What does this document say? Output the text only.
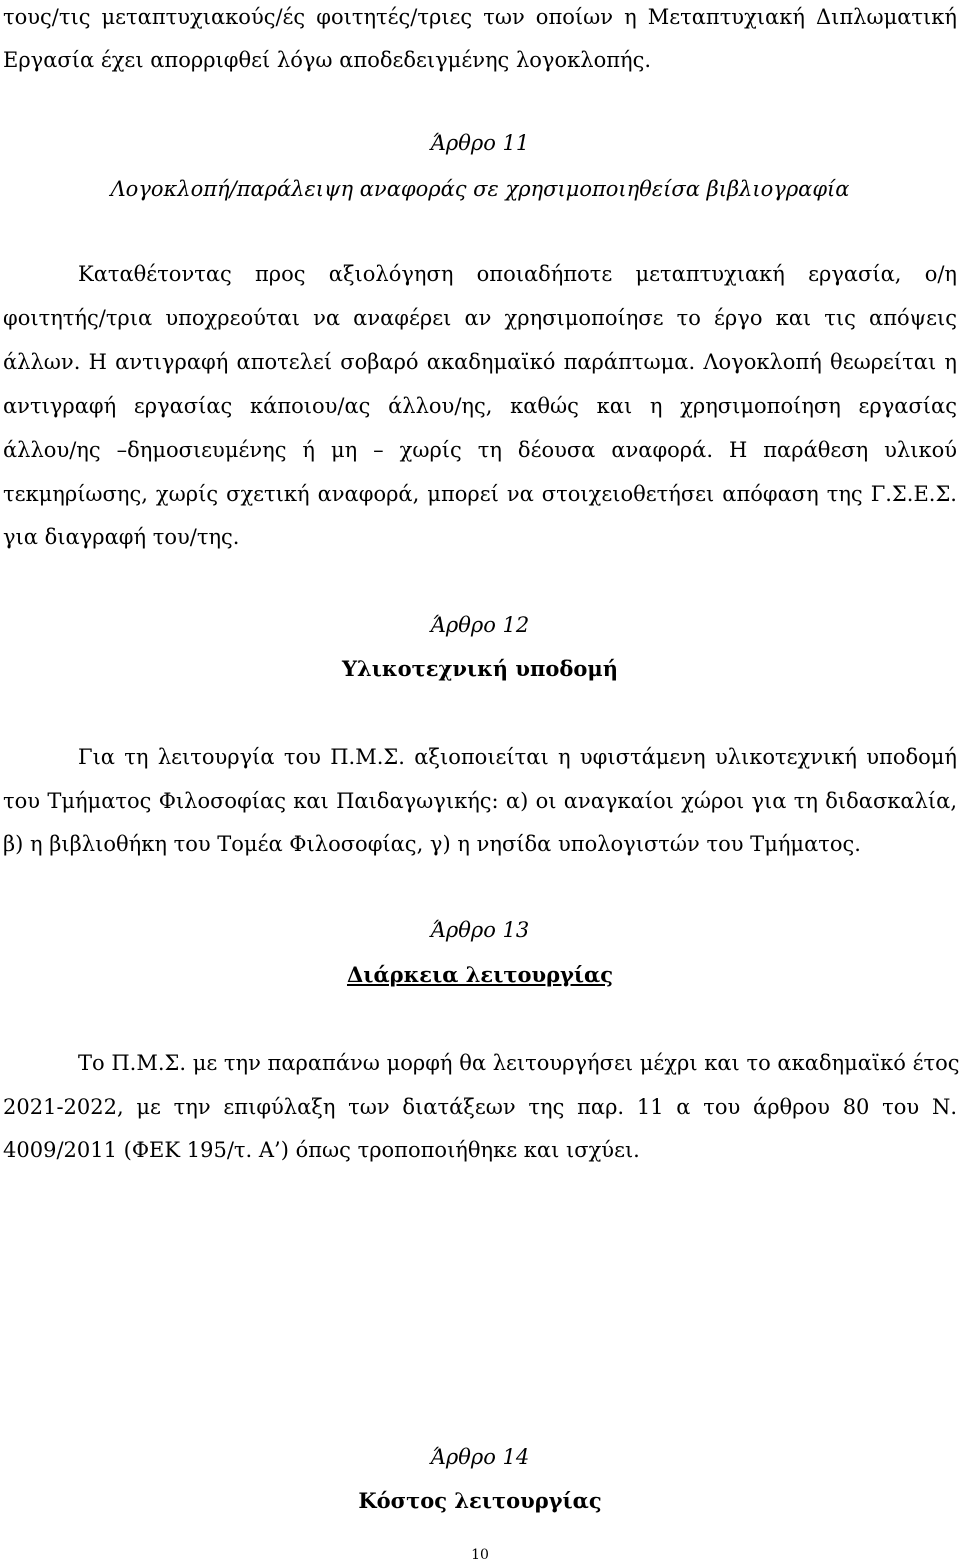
τους/τις μεταπτυχιακούς/ές φοιτητές/τριες των οποίων η Μεταπτυχιακή Διπλωματική
Εργασία έχει απορριφθεί λόγω αποδεδειγμένης λογοκλοπής.
Άρθρο 11
Λογοκλοπή/παράλειψη αναφοράς σε χρησιμοποιηθείσα βιβλιογραφία
Καταθέτοντας προς αξιολόγηση οποιαδήποτε μεταπτυχιακή εργασία, ο/η
φοιτητής/τρια υποχρεούται να αναφέρει αν χρησιμοποίησε το έργο και τις απόψεις
άλλων. Η αντιγραφή αποτελεί σοβαρό ακαδημαϊκό παράπτωμα. Λογοκλοπή θεωρείται η
αντιγραφή εργασίας κάποιου/ας άλλου/ης, καθώς και η χρησιμοποίηση εργασίας
άλλου/ης –δημοσιευμένης ή μη – χωρίς τη δέουσα αναφορά. Η παράθεση υλικού
τεκμηρίωσης, χωρίς σχετική αναφορά, μπορεί να στοιχειοθετήσει απόφαση της Γ.Σ.Ε.Σ.
για διαγραφή του/της.
Άρθρο 12
Υλικοτεχνική υποδομή
Για τη λειτουργία του Π.Μ.Σ. αξιοποιείται η υφιστάμενη υλικοτεχνική υποδομή
του Τμήματος Φιλοσοφίας και Παιδαγωγικής: α) οι αναγκαίοι χώροι για τη διδασκαλία,
β) η βιβλιοθήκη του Τομέα Φιλοσοφίας, γ) η νησίδα υπολογιστών του Τμήματος.
Άρθρο 13
Διάρκεια λειτουργίας
Το Π.Μ.Σ. με την παραπάνω μορφή θα λειτουργήσει μέχρι και το ακαδημαϊκό έτος
2021-2022, με την επιφύλαξη των διατάξεων της παρ. 11 α του άρθρου 80 του Ν.
4009/2011 (ΦΕΚ 195/τ. Α’) όπως τροποποιήθηκε και ισχύει.
Άρθρο 14
Κόστος λειτουργίας
10
